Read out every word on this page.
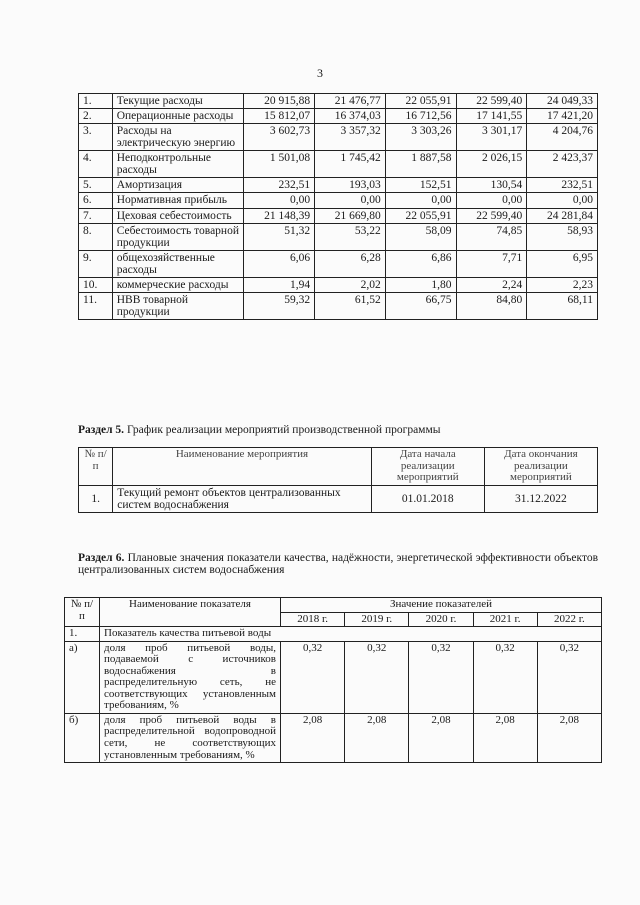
3
1.	Текущие расходы	20 915,88	21 476,77	22 055,91	22 599,40	24 049,33
2.	Операционные расходы	15 812,07	16 374,03	16 712,56	17 141,55	17 421,20
3.	Расходы на электрическую энергию	3 602,73	3 357,32	3 303,26	3 301,17	4 204,76
4.	Неподконтрольные расходы	1 501,08	1 745,42	1 887,58	2 026,15	2 423,37
5.	Амортизация	232,51	193,03	152,51	130,54	232,51
6.	Нормативная прибыль	0,00	0,00	0,00	0,00	0,00
7.	Цеховая себестоимость	21 148,39	21 669,80	22 055,91	22 599,40	24 281,84
8.	Себестоимость товарной продукции	51,32	53,22	58,09	74,85	58,93
9.	общехозяйственные расходы	6,06	6,28	6,86	7,71	6,95
10.	коммерческие расходы	1,94	2,02	1,80	2,24	2,23
11.	НВВ товарной продукции	59,32	61,52	66,75	84,80	68,11
Раздел 5. График реализации мероприятий производственной программы
№ п/п	Наименование мероприятия	Дата начала реализации мероприятий	Дата окончания реализации мероприятий
1.	Текущий ремонт объектов централизованных систем водоснабжения	01.01.2018	31.12.2022
Раздел 6. Плановые значения показатели качества, надёжности, энергетической эффективности объектов централизованных систем водоснабжения
№ п/п	Наименование показателя	Значение показателей				
		2018 г.	2019 г.	2020 г.	2021 г.	2022 г.
1.	Показатель качества питьевой воды					
а)	доля проб питьевой воды, подаваемой с источников водоснабжения в распределительную сеть, не соответствующих установленным требованиям, %	0,32	0,32	0,32	0,32	0,32
б)	доля проб питьевой воды в распределительной водопроводной сети, не соответствующих установленным требованиям, %	2,08	2,08	2,08	2,08	2,08
